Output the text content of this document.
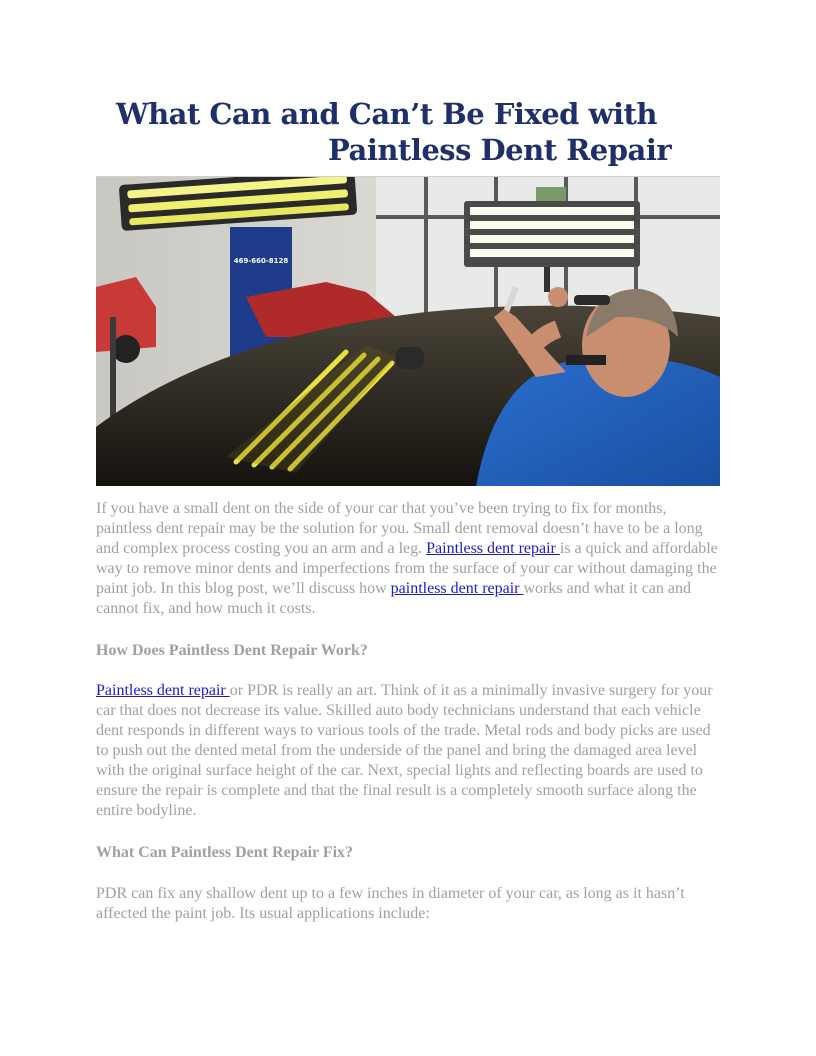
What Can and Can’t Be Fixed with
Paintless Dent Repair
469-660-8128
If you have a small dent on the side of your car that you’ve been trying to fix for months, paintless dent repair may be the solution for you. Small dent removal doesn’t have to be a long and complex process costing you an arm and a leg. Paintless dent repair is a quick and affordable way to remove minor dents and imperfections from the surface of your car without damaging the paint job. In this blog post, we’ll discuss how paintless dent repair works and what it can and cannot fix, and how much it costs.
How Does Paintless Dent Repair Work?
Paintless dent repair or PDR is really an art. Think of it as a minimally invasive surgery for your car that does not decrease its value. Skilled auto body technicians understand that each vehicle dent responds in different ways to various tools of the trade. Metal rods and body picks are used to push out the dented metal from the underside of the panel and bring the damaged area level with the original surface height of the car. Next, special lights and reflecting boards are used to ensure the repair is complete and that the final result is a completely smooth surface along the entire bodyline.
What Can Paintless Dent Repair Fix?
PDR can fix any shallow dent up to a few inches in diameter of your car, as long as it hasn’t affected the paint job. Its usual applications include:
